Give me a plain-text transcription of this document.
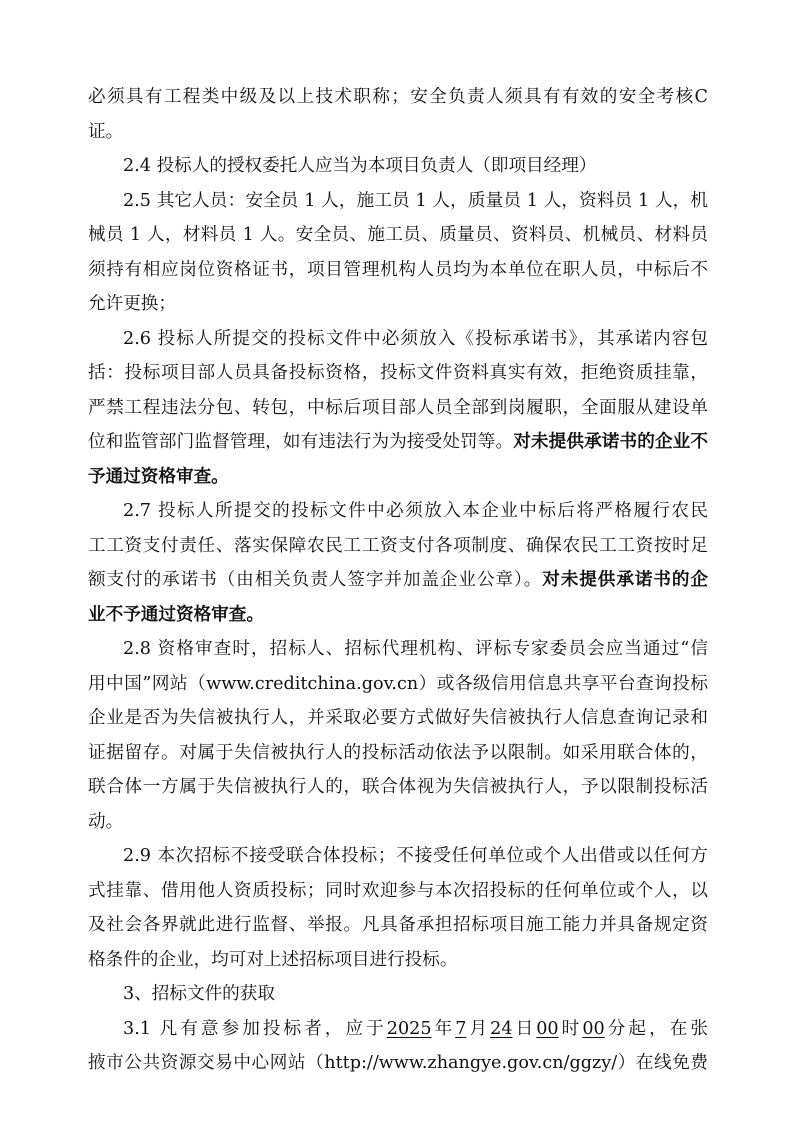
必须具有工程类中级及以上技术职称；安全负责人须具有有效的安全考核C
证。
2.4 投标人的授权委托人应当为本项目负责人（即项目经理）
2.5 其它人员：安全员 1 人，施工员 1 人，质量员 1 人，资料员 1 人，机
械员 1 人，材料员 1 人。安全员、施工员、质量员、资料员、机械员、材料员
须持有相应岗位资格证书，项目管理机构人员均为本单位在职人员，中标后不
允许更换；
2.6 投标人所提交的投标文件中必须放入《投标承诺书》，其承诺内容包
括：投标项目部人员具备投标资格，投标文件资料真实有效，拒绝资质挂靠，
严禁工程违法分包、转包，中标后项目部人员全部到岗履职，全面服从建设单
位和监管部门监督管理，如有违法行为为接受处罚等。对未提供承诺书的企业不
予通过资格审查。
2.7 投标人所提交的投标文件中必须放入本企业中标后将严格履行农民
工工资支付责任、落实保障农民工工资支付各项制度、确保农民工工资按时足
额支付的承诺书（由相关负责人签字并加盖企业公章）。对未提供承诺书的企
业不予通过资格审查。
2.8 资格审查时，招标人、招标代理机构、评标专家委员会应当通过“信
用中国”网站（www.creditchina.gov.cn）或各级信用信息共享平台查询投标
企业是否为失信被执行人，并采取必要方式做好失信被执行人信息查询记录和
证据留存。对属于失信被执行人的投标活动依法予以限制。如采用联合体的，
联合体一方属于失信被执行人的，联合体视为失信被执行人，予以限制投标活
动。
2.9 本次招标不接受联合体投标；不接受任何单位或个人出借或以任何方
式挂靠、借用他人资质投标；同时欢迎参与本次招投标的任何单位或个人，以
及社会各界就此进行监督、举报。凡具备承担招标项目施工能力并具备规定资
格条件的企业，均可对上述招标项目进行投标。
3、招标文件的获取
3.1 凡有意参加投标者，应于2025年7月24日00时00分起，在张
掖市公共资源交易中心网站（http://www.zhangye.gov.cn/ggzy/）在线免费
